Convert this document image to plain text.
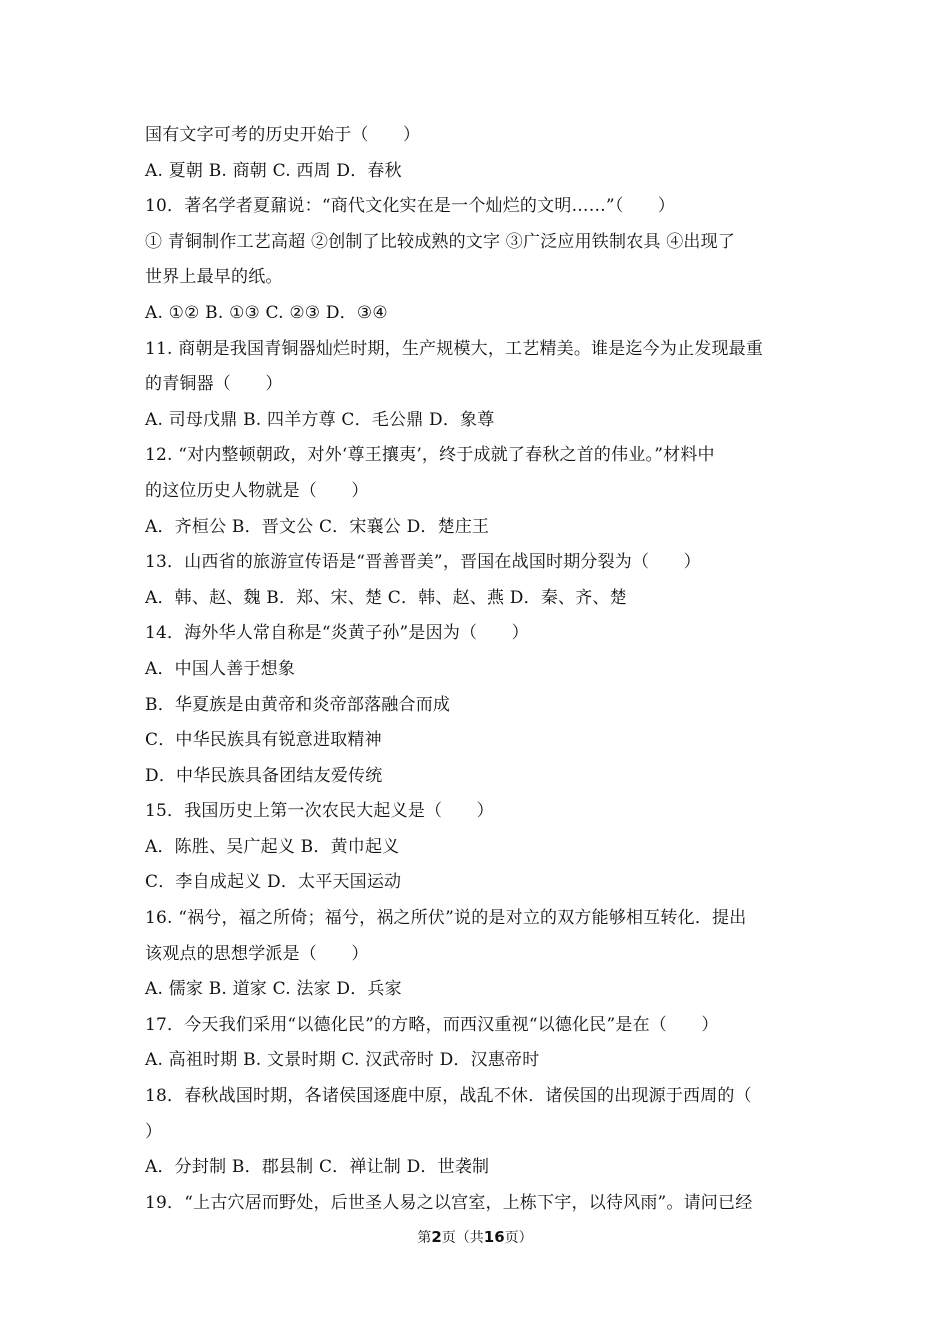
国有文字可考的历史开始于（　　）
A. 夏朝 B. 商朝 C. 西周 D．春秋
10．著名学者夏鼐说：“商代文化实在是一个灿烂的文明……”（　　）
① 青铜制作工艺高超 ②创制了比较成熟的文字 ③广泛应用铁制农具 ④出现了
世界上最早的纸。
A. ①② B. ①③ C. ②③ D．③④
11. 商朝是我国青铜器灿烂时期，生产规模大，工艺精美。谁是迄今为止发现最重
的青铜器（　　）
A. 司母戊鼎 B. 四羊方尊 C．毛公鼎 D．象尊
12. “对内整顿朝政，对外‘尊王攘夷’，终于成就了春秋之首的伟业。”材料中
的这位历史人物就是（　　）
A．齐桓公 B．晋文公 C．宋襄公 D．楚庄王
13．山西省的旅游宣传语是“晋善晋美”，晋国在战国时期分裂为（　　）
A．韩、赵、魏 B．郑、宋、楚 C．韩、赵、燕 D．秦、齐、楚
14．海外华人常自称是“炎黄子孙”是因为（　　）
A．中国人善于想象
B．华夏族是由黄帝和炎帝部落融合而成
C．中华民族具有锐意进取精神
D．中华民族具备团结友爱传统
15．我国历史上第一次农民大起义是（　　）
A．陈胜、吴广起义 B．黄巾起义
C．李自成起义 D．太平天国运动
16. “祸兮，福之所倚；福兮，祸之所伏”说的是对立的双方能够相互转化．提出
该观点的思想学派是（　　）
A. 儒家 B. 道家 C. 法家 D．兵家
17．今天我们采用“以德化民”的方略，而西汉重视“以德化民”是在（　　）
A. 高祖时期 B. 文景时期 C. 汉武帝时 D．汉惠帝时
18．春秋战国时期，各诸侯国逐鹿中原，战乱不休．诸侯国的出现源于西周的（
）
A．分封制 B．郡县制 C．禅让制 D．世袭制
19．“上古穴居而野处，后世圣人易之以宫室，上栋下宇，以待风雨”。请问已经
第2页（共16页）
